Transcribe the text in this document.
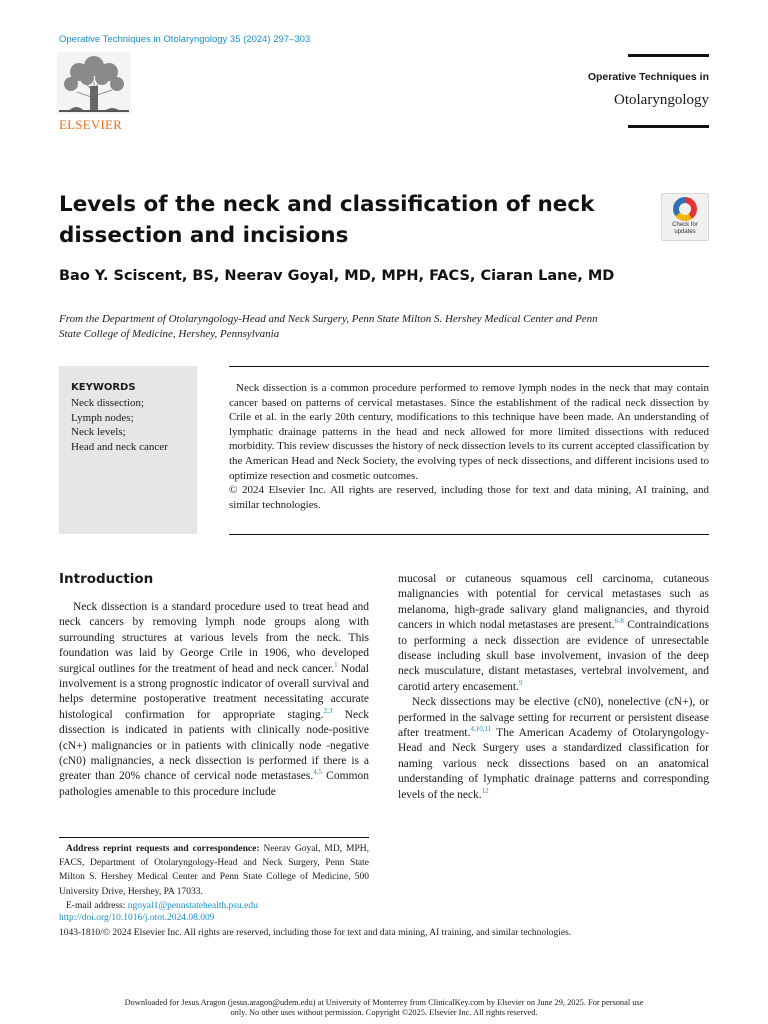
Operative Techniques in Otolaryngology 35 (2024) 297–303
ELSEVIER
Operative Techniques in
Otolaryngology
Levels of the neck and classification of neck dissection and incisions	Check for
updates
Bao Y. Sciscent, BS, Neerav Goyal, MD, MPH, FACS, Ciaran Lane, MD
From the Department of Otolaryngology-Head and Neck Surgery, Penn State Milton S. Hershey Medical Center and Penn State College of Medicine, Hershey, Pennsylvania
KEYWORDS
Neck dissection;
Lymph nodes;
Neck levels;
Head and neck cancer

Neck dissection is a common procedure performed to remove lymph nodes in the neck that may contain cancer based on patterns of cervical metastases. Since the establishment of the radical neck dissection by Crile et al. in the early 20th century, modifications to this technique have been made. An understanding of lymphatic drainage patterns in the head and neck allowed for more limited dissections with reduced morbidity. This review discusses the history of neck dissection levels to its current accepted classification by the American Head and Neck Society, the evolving types of neck dissections, and different incisions used to optimize resection and cosmetic outcomes.

© 2024 Elsevier Inc. All rights are reserved, including those for text and data mining, AI training, and similar technologies.

Introduction

Neck dissection is a standard procedure used to treat head and neck cancers by removing lymph node groups along with surrounding structures at various levels from the neck. This foundation was laid by George Crile in 1906, who developed surgical outlines for the treatment of head and neck cancer.$^1$ Nodal involvement is a strong prognostic indicator of overall survival and helps determine postoperative treatment necessitating accurate histological confirmation for appropriate staging.$^{2,3}$ Neck dissection is indicated in patients with clinically node-positive (cN+) malignancies or in patients with clinically node -negative (cN0) malignancies, a neck dissection is performed if there is a greater than 20% chance of cervical node metastases.$^{4,5}$ Common pathologies amenable to this procedure include

mucosal or cutaneous squamous cell carcinoma, cutaneous malignancies with potential for cervical metastases such as melanoma, high-grade salivary gland malignancies, and thyroid cancers in which nodal metastases are present.$^{6-8}$ Contraindications to performing a neck dissection are evidence of unresectable disease including skull base involvement, invasion of the deep neck musculature, distant metastases, vertebral involvement, and carotid artery encasement.$^9$

Neck dissections may be elective (cN0), nonelective (cN+), or performed in the salvage setting for recurrent or persistent disease after treatment.$^{4,10,11}$ The American Academy of Otolaryngology-Head and Neck Surgery uses a standardized classification for naming various neck dissections based on an anatomical understanding of lymphatic drainage patterns and corresponding levels of the neck.$^{12}$

Address reprint requests and correspondence: Neerav Goyal, MD, MPH, FACS, Department of Otolaryngology-Head and Neck Surgery, Penn State Milton S. Hershey Medical Center and Penn State College of Medicine, 500 University Drive, Hershey, PA 17033.

E-mail address: ngoyal1@pennstatehealth.psu.edu

http://doi.org/10.1016/j.otot.2024.08.009
1043-1810/© 2024 Elsevier Inc. All rights are reserved, including those for text and data mining, AI training, and similar technologies.
Downloaded for Jesus Aragon (jesus.aragon@udem.edu) at University of Monterrey from ClinicalKey.com by Elsevier on June 29, 2025. For personal use only. No other uses without permission. Copyright ©2025. Elsevier Inc. All rights reserved.
